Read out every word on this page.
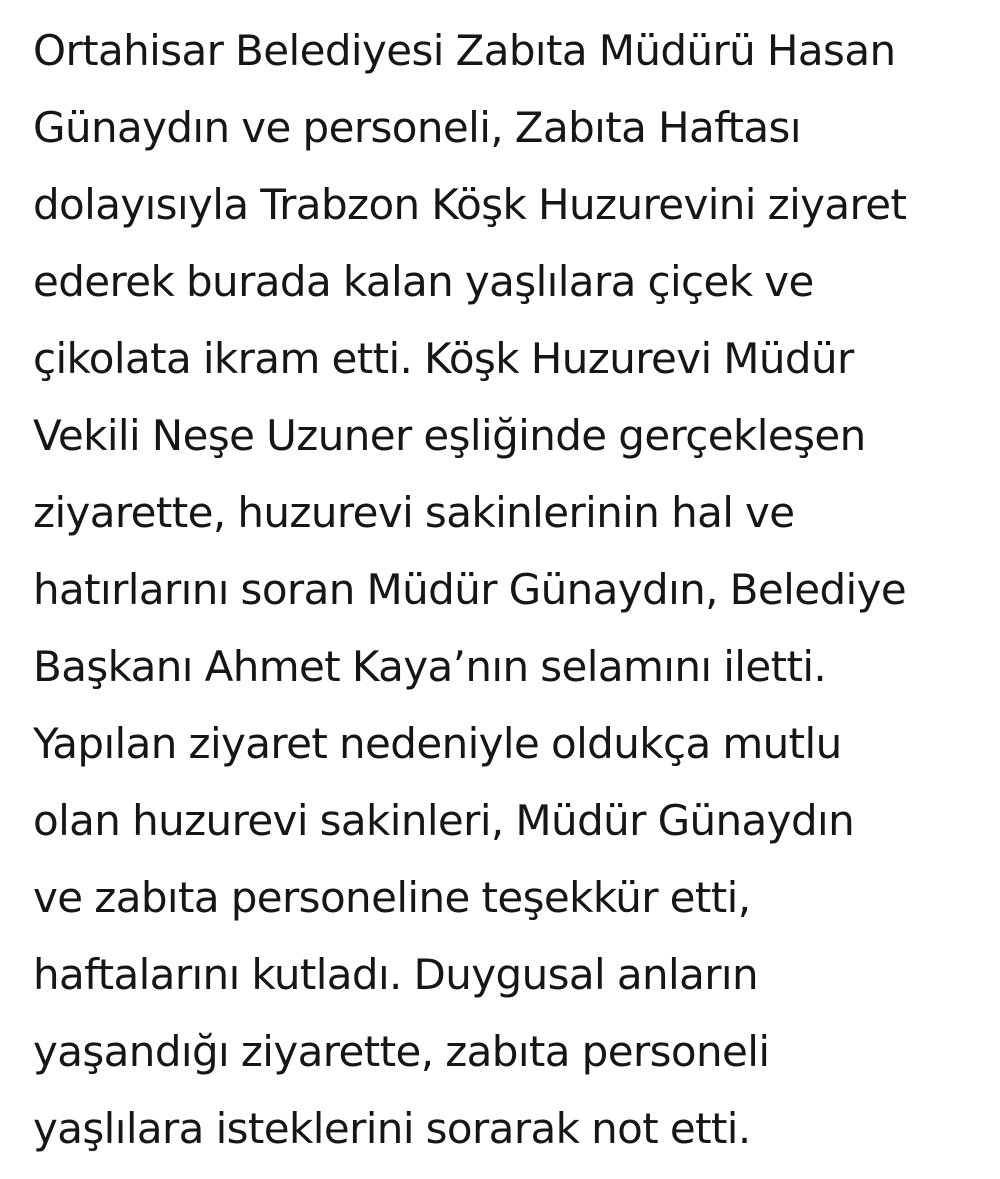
Ortahisar Belediyesi Zabıta Müdürü Hasan
Günaydın ve personeli, Zabıta Haftası
dolayısıyla Trabzon Köşk Huzurevini ziyaret
ederek burada kalan yaşlılara çiçek ve
çikolata ikram etti. Köşk Huzurevi Müdür
Vekili Neşe Uzuner eşliğinde gerçekleşen
ziyarette, huzurevi sakinlerinin hal ve
hatırlarını soran Müdür Günaydın, Belediye
Başkanı Ahmet Kaya’nın selamını iletti.
Yapılan ziyaret nedeniyle oldukça mutlu
olan huzurevi sakinleri, Müdür Günaydın
ve zabıta personeline teşekkür etti,
haftalarını kutladı. Duygusal anların
yaşandığı ziyarette, zabıta personeli
yaşlılara isteklerini sorarak not etti.
